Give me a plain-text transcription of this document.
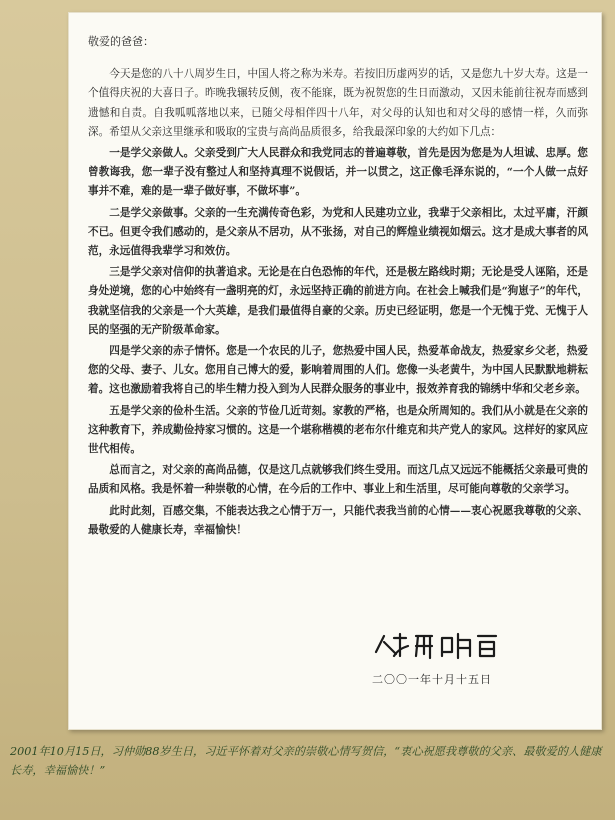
敬爱的爸爸：

今天是您的八十八周岁生日，中国人将之称为米寿。若按旧历虚两岁的话，又是您九十岁大寿。这是一个值得庆祝的大喜日子。昨晚我辗转反侧，夜不能寐，既为祝贺您的生日而激动，又因未能前往祝寿而感到遗憾和自责。自我呱呱落地以来，已随父母相伴四十八年，对父母的认知也和对父母的感情一样，久而弥深。希望从父亲这里继承和吸取的宝贵与高尚品质很多，给我最深印象的大约如下几点：

一是学父亲做人。父亲受到广大人民群众和我党同志的普遍尊敬，首先是因为您是为人坦诚、忠厚。您曾教诲我，您一辈子没有整过人和坚持真理不说假话，并一以贯之，这正像毛泽东说的，“一个人做一点好事并不难，难的是一辈子做好事，不做坏事”。

二是学父亲做事。父亲的一生充满传奇色彩，为党和人民建功立业，我辈于父亲相比，太过平庸，汗颜不已。但更令我们感动的，是父亲从不居功，从不张扬，对自己的辉煌业绩视如烟云。这才是成大事者的风范，永远值得我辈学习和效仿。

三是学父亲对信仰的执著追求。无论是在白色恐怖的年代，还是极左路线时期；无论是受人诬陷，还是身处逆境，您的心中始终有一盏明亮的灯，永远坚持正确的前进方向。在社会上喊我们是“狗崽子”的年代，我就坚信我的父亲是一个大英雄，是我们最值得自豪的父亲。历史已经证明，您是一个无愧于党、无愧于人民的坚强的无产阶级革命家。

四是学父亲的赤子情怀。您是一个农民的儿子，您热爱中国人民，热爱革命战友，热爱家乡父老，热爱您的父母、妻子、儿女。您用自己博大的爱，影响着周围的人们。您像一头老黄牛，为中国人民默默地耕耘着。这也激励着我将自己的毕生精力投入到为人民群众服务的事业中，报效养育我的锦绣中华和父老乡亲。

五是学父亲的俭朴生活。父亲的节俭几近苛刻。家教的严格，也是众所周知的。我们从小就是在父亲的这种教育下，养成勤俭持家习惯的。这是一个堪称楷模的老布尔什维克和共产党人的家风。这样好的家风应世代相传。

总而言之，对父亲的高尚品德，仅是这几点就够我们终生受用。而这几点又远远不能概括父亲最可贵的品质和风格。我是怀着一种崇敬的心情，在今后的工作中、事业上和生活里，尽可能向尊敬的父亲学习。

此时此刻，百感交集，不能表达我之心情于万一，只能代表我当前的心情——衷心祝愿我尊敬的父亲、最敬爱的人健康长寿，幸福愉快！

二〇〇一年十月十五日
2001年10月15日，习仲勋88岁生日，习近平怀着对父亲的崇敬心情写贺信，“衷心祝愿我尊敬的父亲、最敬爱的人健康长寿，幸福愉快！”
